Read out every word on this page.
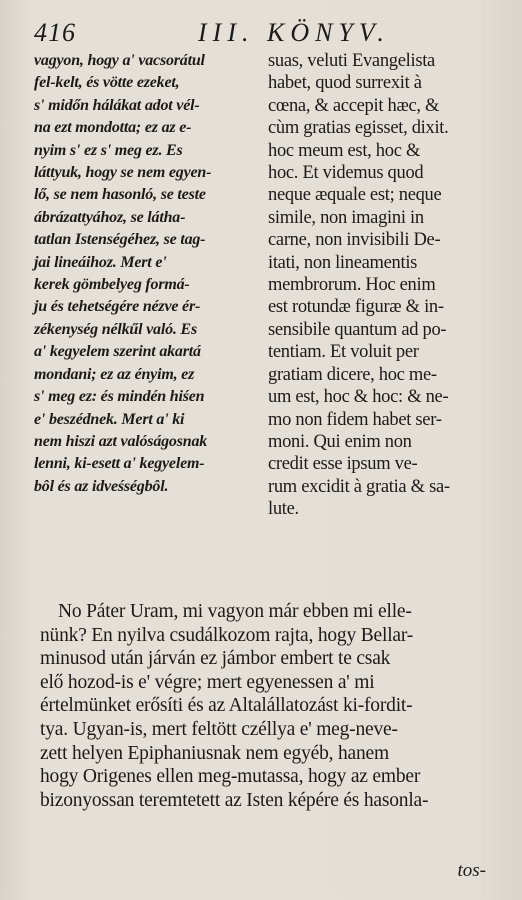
416	III. KÖNYV.
vagyon, hogy a' vacsorátul
fel-kelt, és vötte ezeket,
s' midőn hálákat adot vél-
na ezt mondotta; ez az e-
nyim s' ez s' meg ez. Es
láttyuk, hogy se nem egyen-
lő, se nem hasonló, se teste
ábrázattyához, se látha-
tatlan Istenségéhez, se tag-
jai lineáihoz. Mert e'
kerek gömbelyeg formá-
ju és tehetségére nézve ér-
zékenység nélkűl való. Es
a' kegyelem szerint akartá
mondani; ez az ényim, ez
s' meg ez: és mindén hiśen
e' beszédnek. Mert a' ki
nem hiszi azt valóságosnak
lenni, ki-esett a' kegyelem-
bôl és az idveśségbôl.
suas, veluti Evangelista
habet, quod surrexit à
cœna, & accepit hæc, &
cùm gratias egisset, dixit.
hoc meum est, hoc &
hoc. Et videmus quod
neque æquale est; neque
simile, non imagini in
carne, non invisibili De-
itati, non lineamentis
membrorum. Hoc enim
est rotundæ figuræ & in-
sensibile quantum ad po-
tentiam. Et voluit per
gratiam dicere, hoc me-
um est, hoc & hoc: & ne-
mo non fidem habet ser-
moni. Qui enim non
credit esse ipsum ve-
rum excidit à gratia & sa-
lute.
No Páter Uram, mi vagyon már ebben mi elle-
nünk? En nyilva csudálkozom rajta, hogy Bellar-
minusod után járván ez jámbor embert te csak
elő hozod-is e' végre; mert egyenessen a' mi
értelmünket erősíti és az Altalállatozást ki-fordit-
tya. Ugyan-is, mert feltött czéllya e' meg-neve-
zett helyen Epiphaniusnak nem egyéb, hanem
hogy Origenes ellen meg-mutassa, hogy az ember
bizonyossan teremtetett az Isten képére és hasonla-
tos-
